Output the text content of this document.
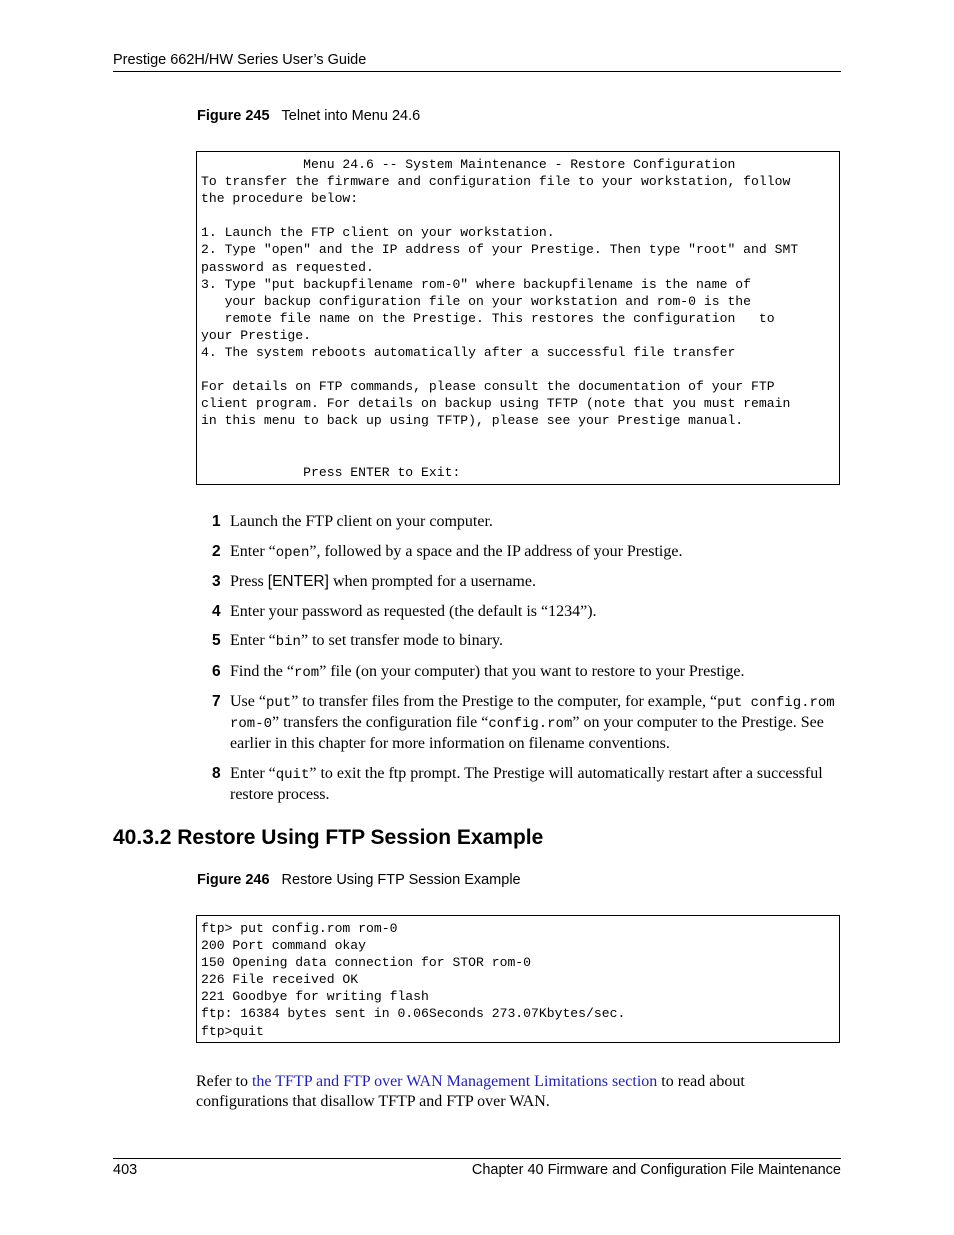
Prestige 662H/HW Series User’s Guide
Figure 245 Telnet into Menu 24.6
Menu 24.6 -- System Maintenance - Restore Configuration
To transfer the firmware and configuration file to your workstation, follow
the procedure below:

1. Launch the FTP client on your workstation.
2. Type "open" and the IP address of your Prestige. Then type "root" and SMT
password as requested.
3. Type "put backupfilename rom-0" where backupfilename is the name of
your backup configuration file on your workstation and rom-0 is the
remote file name on the Prestige. This restores the configuration   to
your Prestige.
4. The system reboots automatically after a successful file transfer

For details on FTP commands, please consult the documentation of your FTP
client program. For details on backup using TFTP (note that you must remain
in this menu to back up using TFTP), please see your Prestige manual.

Press ENTER to Exit:
1 Launch the FTP client on your computer.
2 Enter “open”, followed by a space and the IP address of your Prestige.
3 Press [ENTER] when prompted for a username.
4 Enter your password as requested (the default is “1234”).
5 Enter “bin” to set transfer mode to binary.
6 Find the “rom” file (on your computer) that you want to restore to your Prestige.
7 Use “put” to transfer files from the Prestige to the computer, for example, “put config.rom rom-0” transfers the configuration file “config.rom” on your computer to the Prestige. See earlier in this chapter for more information on filename conventions.
8 Enter “quit” to exit the ftp prompt. The Prestige will automatically restart after a successful restore process.
40.3.2 Restore Using FTP Session Example
Figure 246 Restore Using FTP Session Example
ftp> put config.rom rom-0
200 Port command okay
150 Opening data connection for STOR rom-0
226 File received OK
221 Goodbye for writing flash
ftp: 16384 bytes sent in 0.06Seconds 273.07Kbytes/sec.
ftp>quit
Refer to the TFTP and FTP over WAN Management Limitations section to read about configurations that disallow TFTP and FTP over WAN.
403	Chapter 40 Firmware and Configuration File Maintenance
